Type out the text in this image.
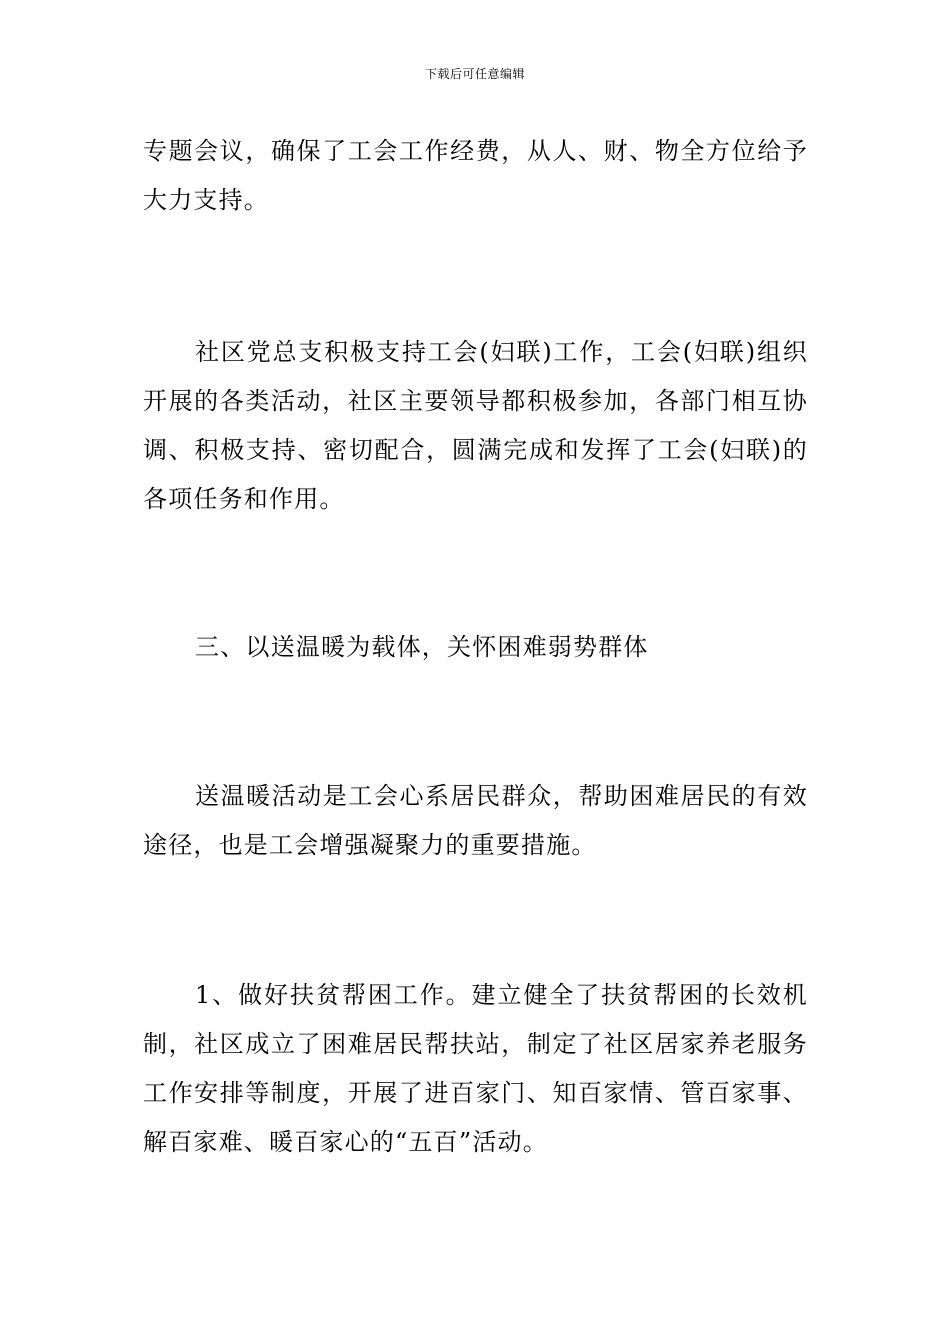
下载后可任意编辑

专题会议，确保了工会工作经费，从人、财、物全方位给予大力支持。

社区党总支积极支持工会(妇联)工作，工会(妇联)组织开展的各类活动，社区主要领导都积极参加，各部门相互协调、积极支持、密切配合，圆满完成和发挥了工会(妇联)的各项任务和作用。

三、以送温暖为载体，关怀困难弱势群体

送温暖活动是工会心系居民群众，帮助困难居民的有效途径，也是工会增强凝聚力的重要措施。

1、做好扶贫帮困工作。建立健全了扶贫帮困的长效机制，社区成立了困难居民帮扶站，制定了社区居家养老服务工作安排等制度，开展了进百家门、知百家情、管百家事、解百家难、暖百家心的“五百”活动。
